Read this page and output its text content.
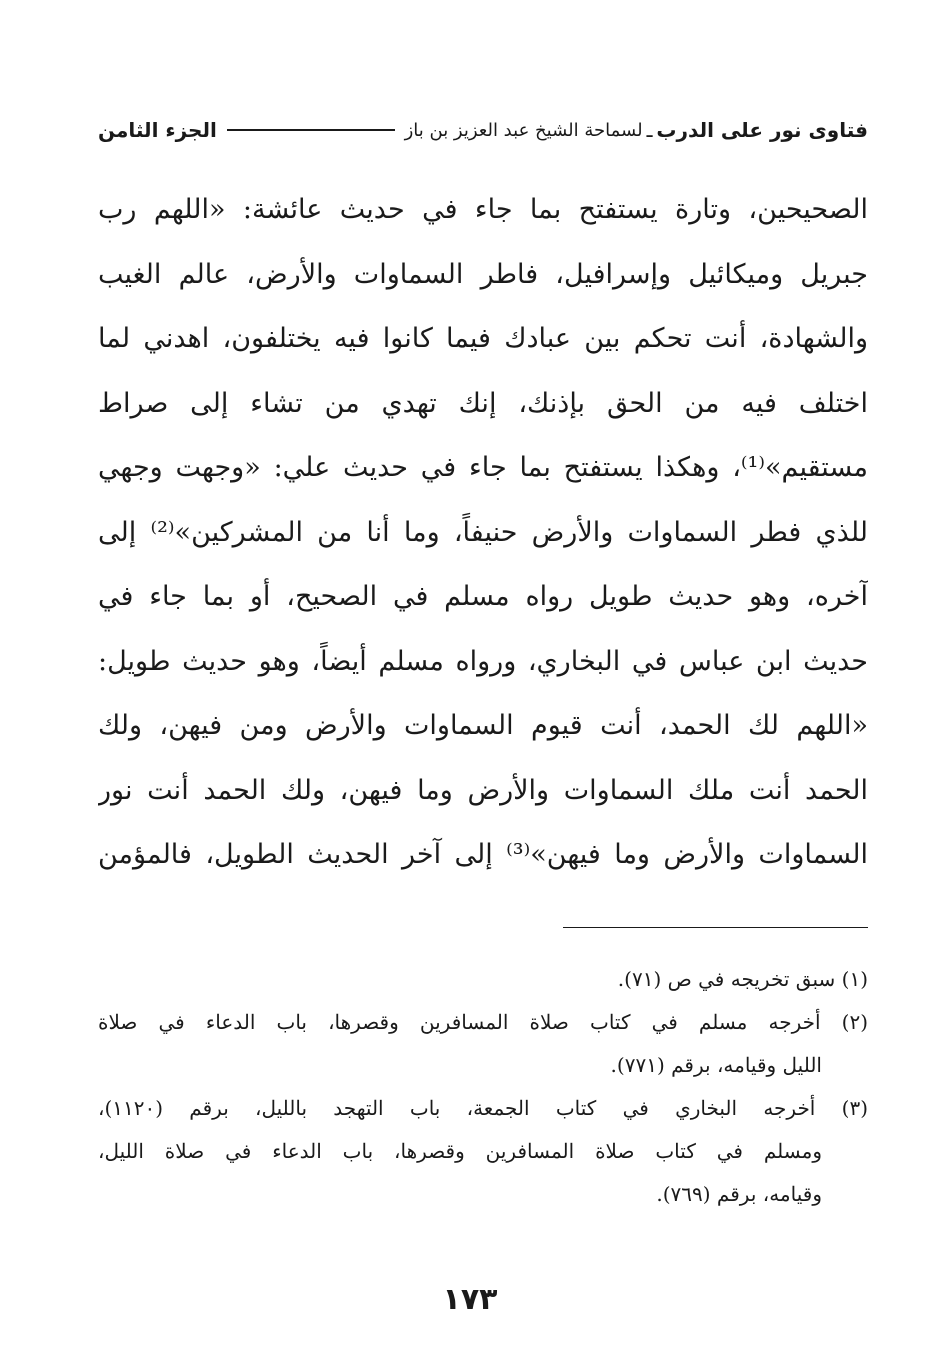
فتاوى نور على الدرب
ـ
لسماحة الشيخ عبد العزيز بن باز
الجزء الثامن
الصحيحين، وتارة يستفتح بما جاء في حديث عائشة: «اللهم رب
جبريل وميكائيل وإسرافيل، فاطر السماوات والأرض، عالم الغيب
والشهادة، أنت تحكم بين عبادك فيما كانوا فيه يختلفون، اهدني لما
اختلف فيه من الحق بإذنك، إنك تهدي من تشاء إلى صراط
مستقيم»⁽¹⁾، وهكذا يستفتح بما جاء في حديث علي: «وجهت وجهي
للذي فطر السماوات والأرض حنيفاً، وما أنا من المشركين»⁽²⁾ إلى
آخره، وهو حديث طويل رواه مسلم في الصحيح، أو بما جاء في
حديث ابن عباس في البخاري، ورواه مسلم أيضاً، وهو حديث طويل:
«اللهم لك الحمد، أنت قيوم السماوات والأرض ومن فيهن، ولك
الحمد أنت ملك السماوات والأرض وما فيهن، ولك الحمد أنت نور
السماوات والأرض وما فيهن»⁽³⁾ إلى آخر الحديث الطويل، فالمؤمن
(١) سبق تخريجه في ص (٧١).
(٢) أخرجه مسلم في كتاب صلاة المسافرين وقصرها، باب الدعاء في صلاة
الليل وقيامه، برقم (٧٧١).
(٣) أخرجه البخاري في كتاب الجمعة، باب التهجد بالليل، برقم (١١٢٠)،
ومسلم في كتاب صلاة المسافرين وقصرها، باب الدعاء في صلاة الليل،
وقيامه، برقم (٧٦٩).
١٧٣
